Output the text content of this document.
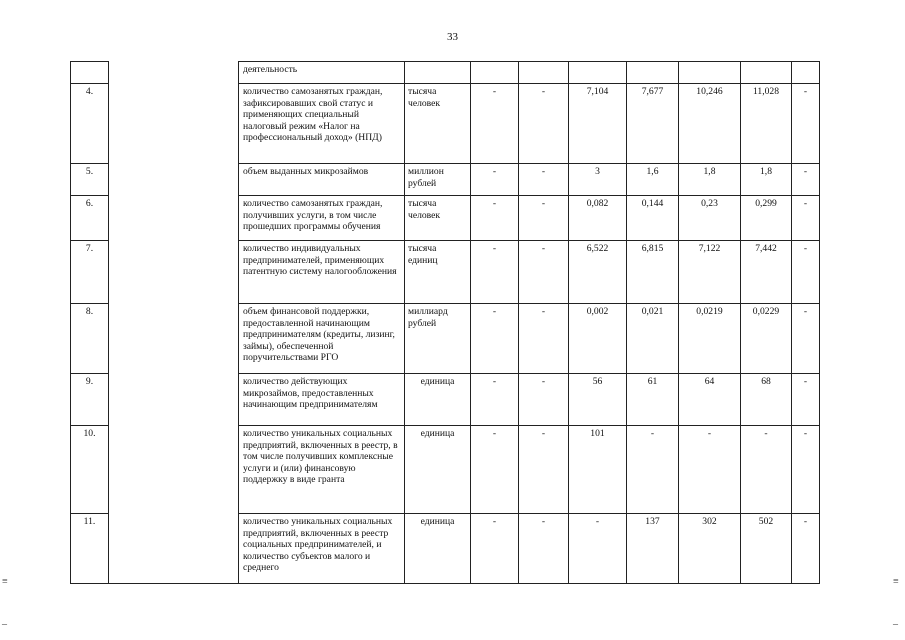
33
		деятельность								
4.		количество самозанятых граждан, зафиксировавших свой статус и применяющих специальный налоговый режим «Налог на профессиональный доход» (НПД)	тысяча человек	-	-	7,104	7,677	10,246	11,028	-
5.		объем выданных микрозаймов	миллион рублей	-	-	3	1,6	1,8	1,8	-
6.		количество самозанятых граждан, получивших услуги, в том числе прошедших программы обучения	тысяча человек	-	-	0,082	0,144	0,23	0,299	-
7.		количество индивидуальных предпринимателей, применяющих патентную систему налогообложения	тысяча единиц	-	-	6,522	6,815	7,122	7,442	-
8.		объем финансовой поддержки, предоставленной начинающим предпринимателям (кредиты, лизинг, займы), обеспеченной поручительствами РГО	миллиард рублей	-	-	0,002	0,021	0,0219	0,0229	-
9.		количество действующих микрозаймов, предоставленных начинающим предпринимателям	единица	-	-	56	61	64	68	-
10.		количество уникальных социальных предприятий, включенных в реестр, в том числе получивших комплексные услуги и (или) финансовую поддержку в виде гранта	единица	-	-	101	-	-	-	-
11.		количество уникальных социальных предприятий, включенных в реестр социальных предпринимателей, и количество субъектов малого и среднего	единица	-	-	-	137	302	502	-
≡
–
≡
–
